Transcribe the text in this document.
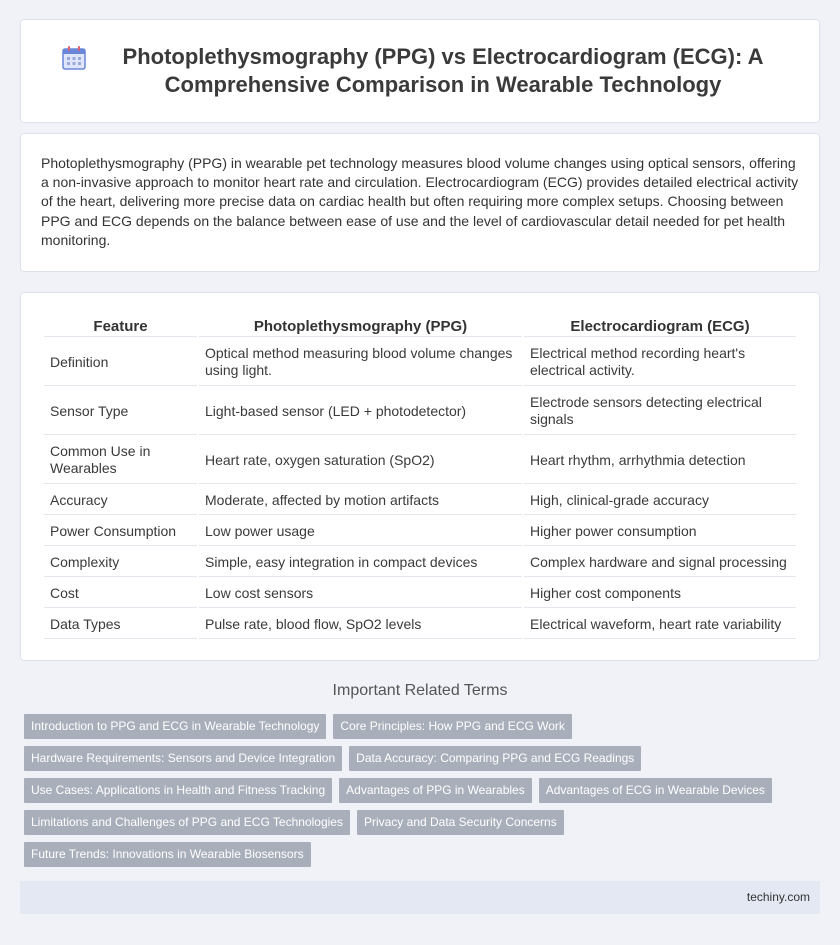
Photoplethysmography (PPG) vs Electrocardiogram (ECG): A Comprehensive Comparison in Wearable Technology

Photoplethysmography (PPG) in wearable pet technology measures blood volume changes using optical sensors, offering a non-invasive approach to monitor heart rate and circulation. Electrocardiogram (ECG) provides detailed electrical activity of the heart, delivering more precise data on cardiac health but often requiring more complex setups. Choosing between PPG and ECG depends on the balance between ease of use and the level of cardiovascular detail needed for pet health monitoring.

Feature	Photoplethysmography (PPG)	Electrocardiogram (ECG)
Definition	Optical method measuring blood volume changes using light.	Electrical method recording heart's electrical activity.
Sensor Type	Light-based sensor (LED + photodetector)	Electrode sensors detecting electrical signals
Common Use in Wearables	Heart rate, oxygen saturation (SpO2)	Heart rhythm, arrhythmia detection
Accuracy	Moderate, affected by motion artifacts	High, clinical-grade accuracy
Power Consumption	Low power usage	Higher power consumption
Complexity	Simple, easy integration in compact devices	Complex hardware and signal processing
Cost	Low cost sensors	Higher cost components
Data Types	Pulse rate, blood flow, SpO2 levels	Electrical waveform, heart rate variability
Important Related Terms
Introduction to PPG and ECG in Wearable Technology	Core Principles: How PPG and ECG Work
Hardware Requirements: Sensors and Device Integration	Data Accuracy: Comparing PPG and ECG Readings
Use Cases: Applications in Health and Fitness Tracking	Advantages of PPG in Wearables	Advantages of ECG in Wearable Devices
Limitations and Challenges of PPG and ECG Technologies	Privacy and Data Security Concerns
Future Trends: Innovations in Wearable Biosensors
techiny.com
